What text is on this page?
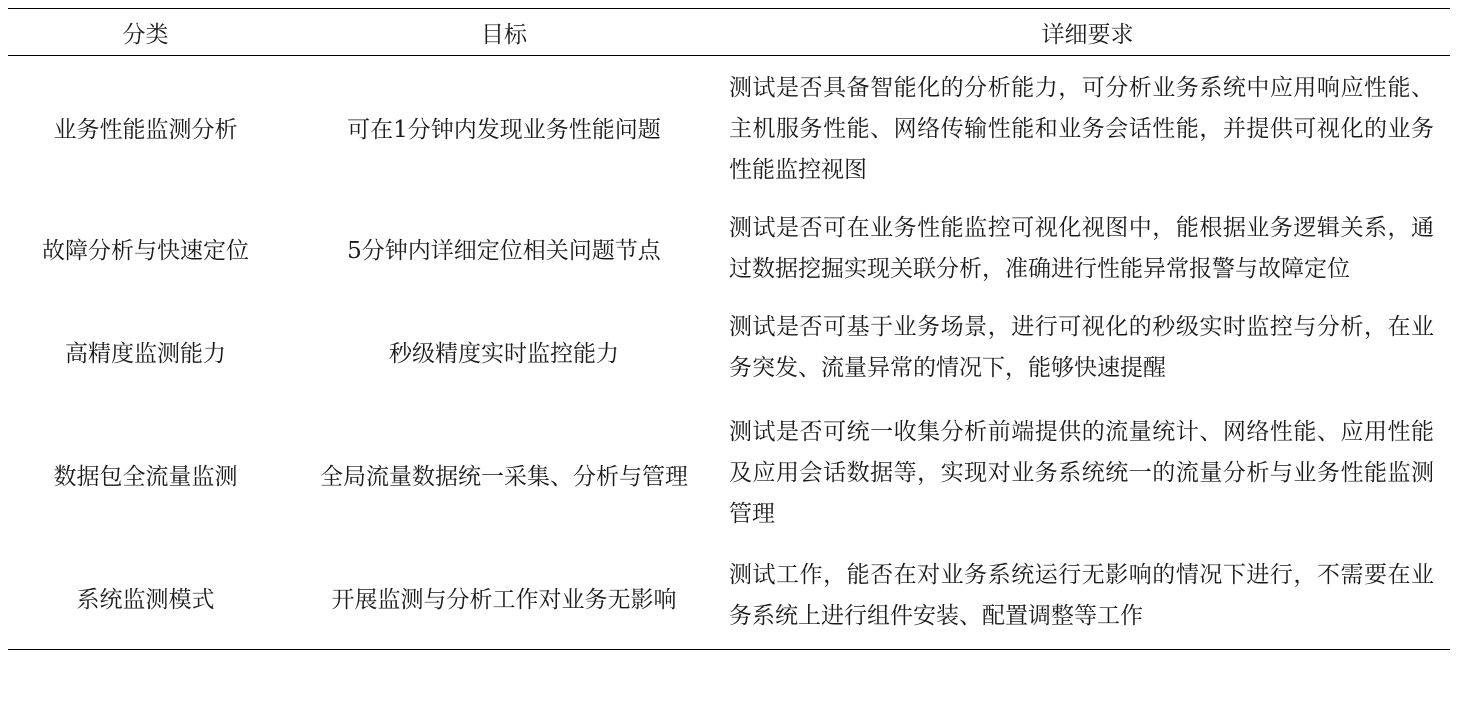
分类	目标	详细要求
业务性能监测分析	可在1分钟内发现业务性能问题	测试是否具备智能化的分析能力，可分析业务系统中应用响应性能、主机服务性能、网络传输性能和业务会话性能，并提供可视化的业务性能监控视图
故障分析与快速定位	5分钟内详细定位相关问题节点	测试是否可在业务性能监控可视化视图中，能根据业务逻辑关系，通过数据挖掘实现关联分析，准确进行性能异常报警与故障定位
高精度监测能力	秒级精度实时监控能力	测试是否可基于业务场景，进行可视化的秒级实时监控与分析，在业务突发、流量异常的情况下，能够快速提醒
数据包全流量监测	全局流量数据统一采集、分析与管理	测试是否可统一收集分析前端提供的流量统计、网络性能、应用性能及应用会话数据等，实现对业务系统统一的流量分析与业务性能监测管理
系统监测模式	开展监测与分析工作对业务无影响	测试工作，能否在对业务系统运行无影响的情况下进行，不需要在业务系统上进行组件安装、配置调整等工作
